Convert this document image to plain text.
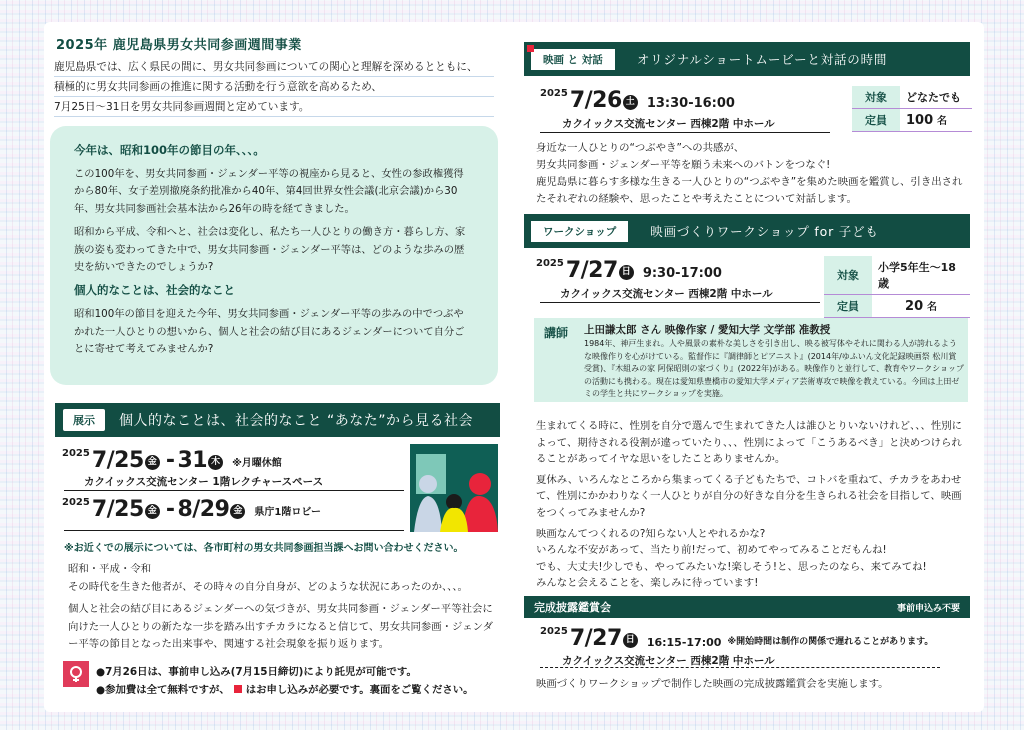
2025年 鹿児島県男女共同参画週間事業
鹿児島県では、広く県民の間に、男女共同参画についての関心と理解を深めるとともに、
積極的に男女共同参画の推進に関する活動を行う意欲を高めるため、
7月25日～31日を男女共同参画週間と定めています。
今年は、昭和100年の節目の年、、、。

この100年を、男女共同参画・ジェンダー平等の視座から見ると、女性の参政権獲得から80年、女子差別撤廃条約批准から40年、第4回世界女性会議(北京会議)から30年、男女共同参画社会基本法から26年の時を経てきました。

昭和から平成、令和へと、社会は変化し、私たち一人ひとりの働き方・暮らし方、家族の姿も変わってきた中で、男女共同参画・ジェンダー平等は、どのような歩みの歴史を紡いできたのでしょうか?

個人的なことは、社会的なこと

昭和100年の節目を迎えた今年、男女共同参画・ジェンダー平等の歩みの中でつぶやかれた一人ひとりの想いから、個人と社会の結び目にあるジェンダーについて自分ごとに寄せて考えてみませんか?

展示	個人的なことは、社会的なこと “あなた”から見る社会
2025 7/25 金 - 31 木	※月曜休館
カクイックス交流センター 1階レクチャースペース
2025 7/25 金 - 8/29 金	県庁1階ロビー
※お近くでの展示については、各市町村の男女共同参画担当課へお問い合わせください。
昭和・平成・令和
その時代を生きた他者が、その時々の自分自身が、どのような状況にあったのか、、、。
個人と社会の結び目にあるジェンダーへの気づきが、男女共同参画・ジェンダー平等社会に向けた一人ひとりの新たな一歩を踏み出すチカラになると信じて、男女共同参画・ジェンダー平等の節目となった出来事や、関連する社会現象を振り返ります。
●7月26日は、事前申し込み(7月15日締切)により託児が可能です。
●参加費は全て無料ですが、 はお申し込みが必要です。裏面をご覧ください。
映画 と 対話	オリジナルショートムービーと対話の時間
2025 7/26 土 13:30-16:00
カクイックス交流センター 西棟2階 中ホール
対象	どなたでも
定員	100 名
身近な一人ひとりの“つぶやき”への共感が、
男女共同参画・ジェンダー平等を願う未来へのバトンをつなぐ!
鹿児島県に暮らす多様な生きる一人ひとりの“つぶやき”を集めた映画を鑑賞し、引き出されたそれぞれの経験や、思ったことや考えたことについて対話します。
ワークショップ	映画づくりワークショップ for 子ども
2025 7/27 日 9:30-17:00
カクイックス交流センター 西棟2階 中ホール
対象	小学5年生～18歳
定員	20 名
講師 上田謙太郎 さん 映像作家 / 愛知大学 文学部 准教授
1984年、神戸生まれ。人や風景の素朴な美しさを引き出し、映る被写体やそれに関わる人が誇れるような映像作りを心がけている。監督作に『調律師とピアニスト』(2014年/ゆふいん文化記録映画祭 松川賞受賞)、『木組みの家 阿保昭則の家づくり』(2022年)がある。映像作りと並行して、教育やワークショップの活動にも携わる。現在は愛知県豊橋市の愛知大学メディア芸術専攻で映像を教えている。今回は上田ゼミの学生と共にワークショップを実施。
生まれてくる時に、性別を自分で選んで生まれてきた人は誰ひとりいないけれど、、、性別によって、期待される役割が違っていたり、、、性別によって「こうあるべき」と決めつけられることがあってイヤな思いをしたことありませんか。
夏休み、いろんなところから集まってくる子どもたちで、コトバを重ねて、チカラをあわせて、性別にかかわりなく一人ひとりが自分の好きな自分を生きられる社会を目指して、映画をつくってみませんか?
映画なんてつくれるの?知らない人とやれるかな?
いろんな不安があって、当たり前!だって、初めてやってみることだもんね!
でも、大丈夫!少しでも、やってみたいな!楽しそう!と、思ったのなら、来てみてね!
みんなと会えることを、楽しみに待っています!
完成披露鑑賞会	事前申込み不要
2025 7/27 日 16:15-17:00 ※開始時間は制作の関係で遅れることがあります。
カクイックス交流センター 西棟2階 中ホール
映画づくりワークショップで制作した映画の完成披露鑑賞会を実施します。
